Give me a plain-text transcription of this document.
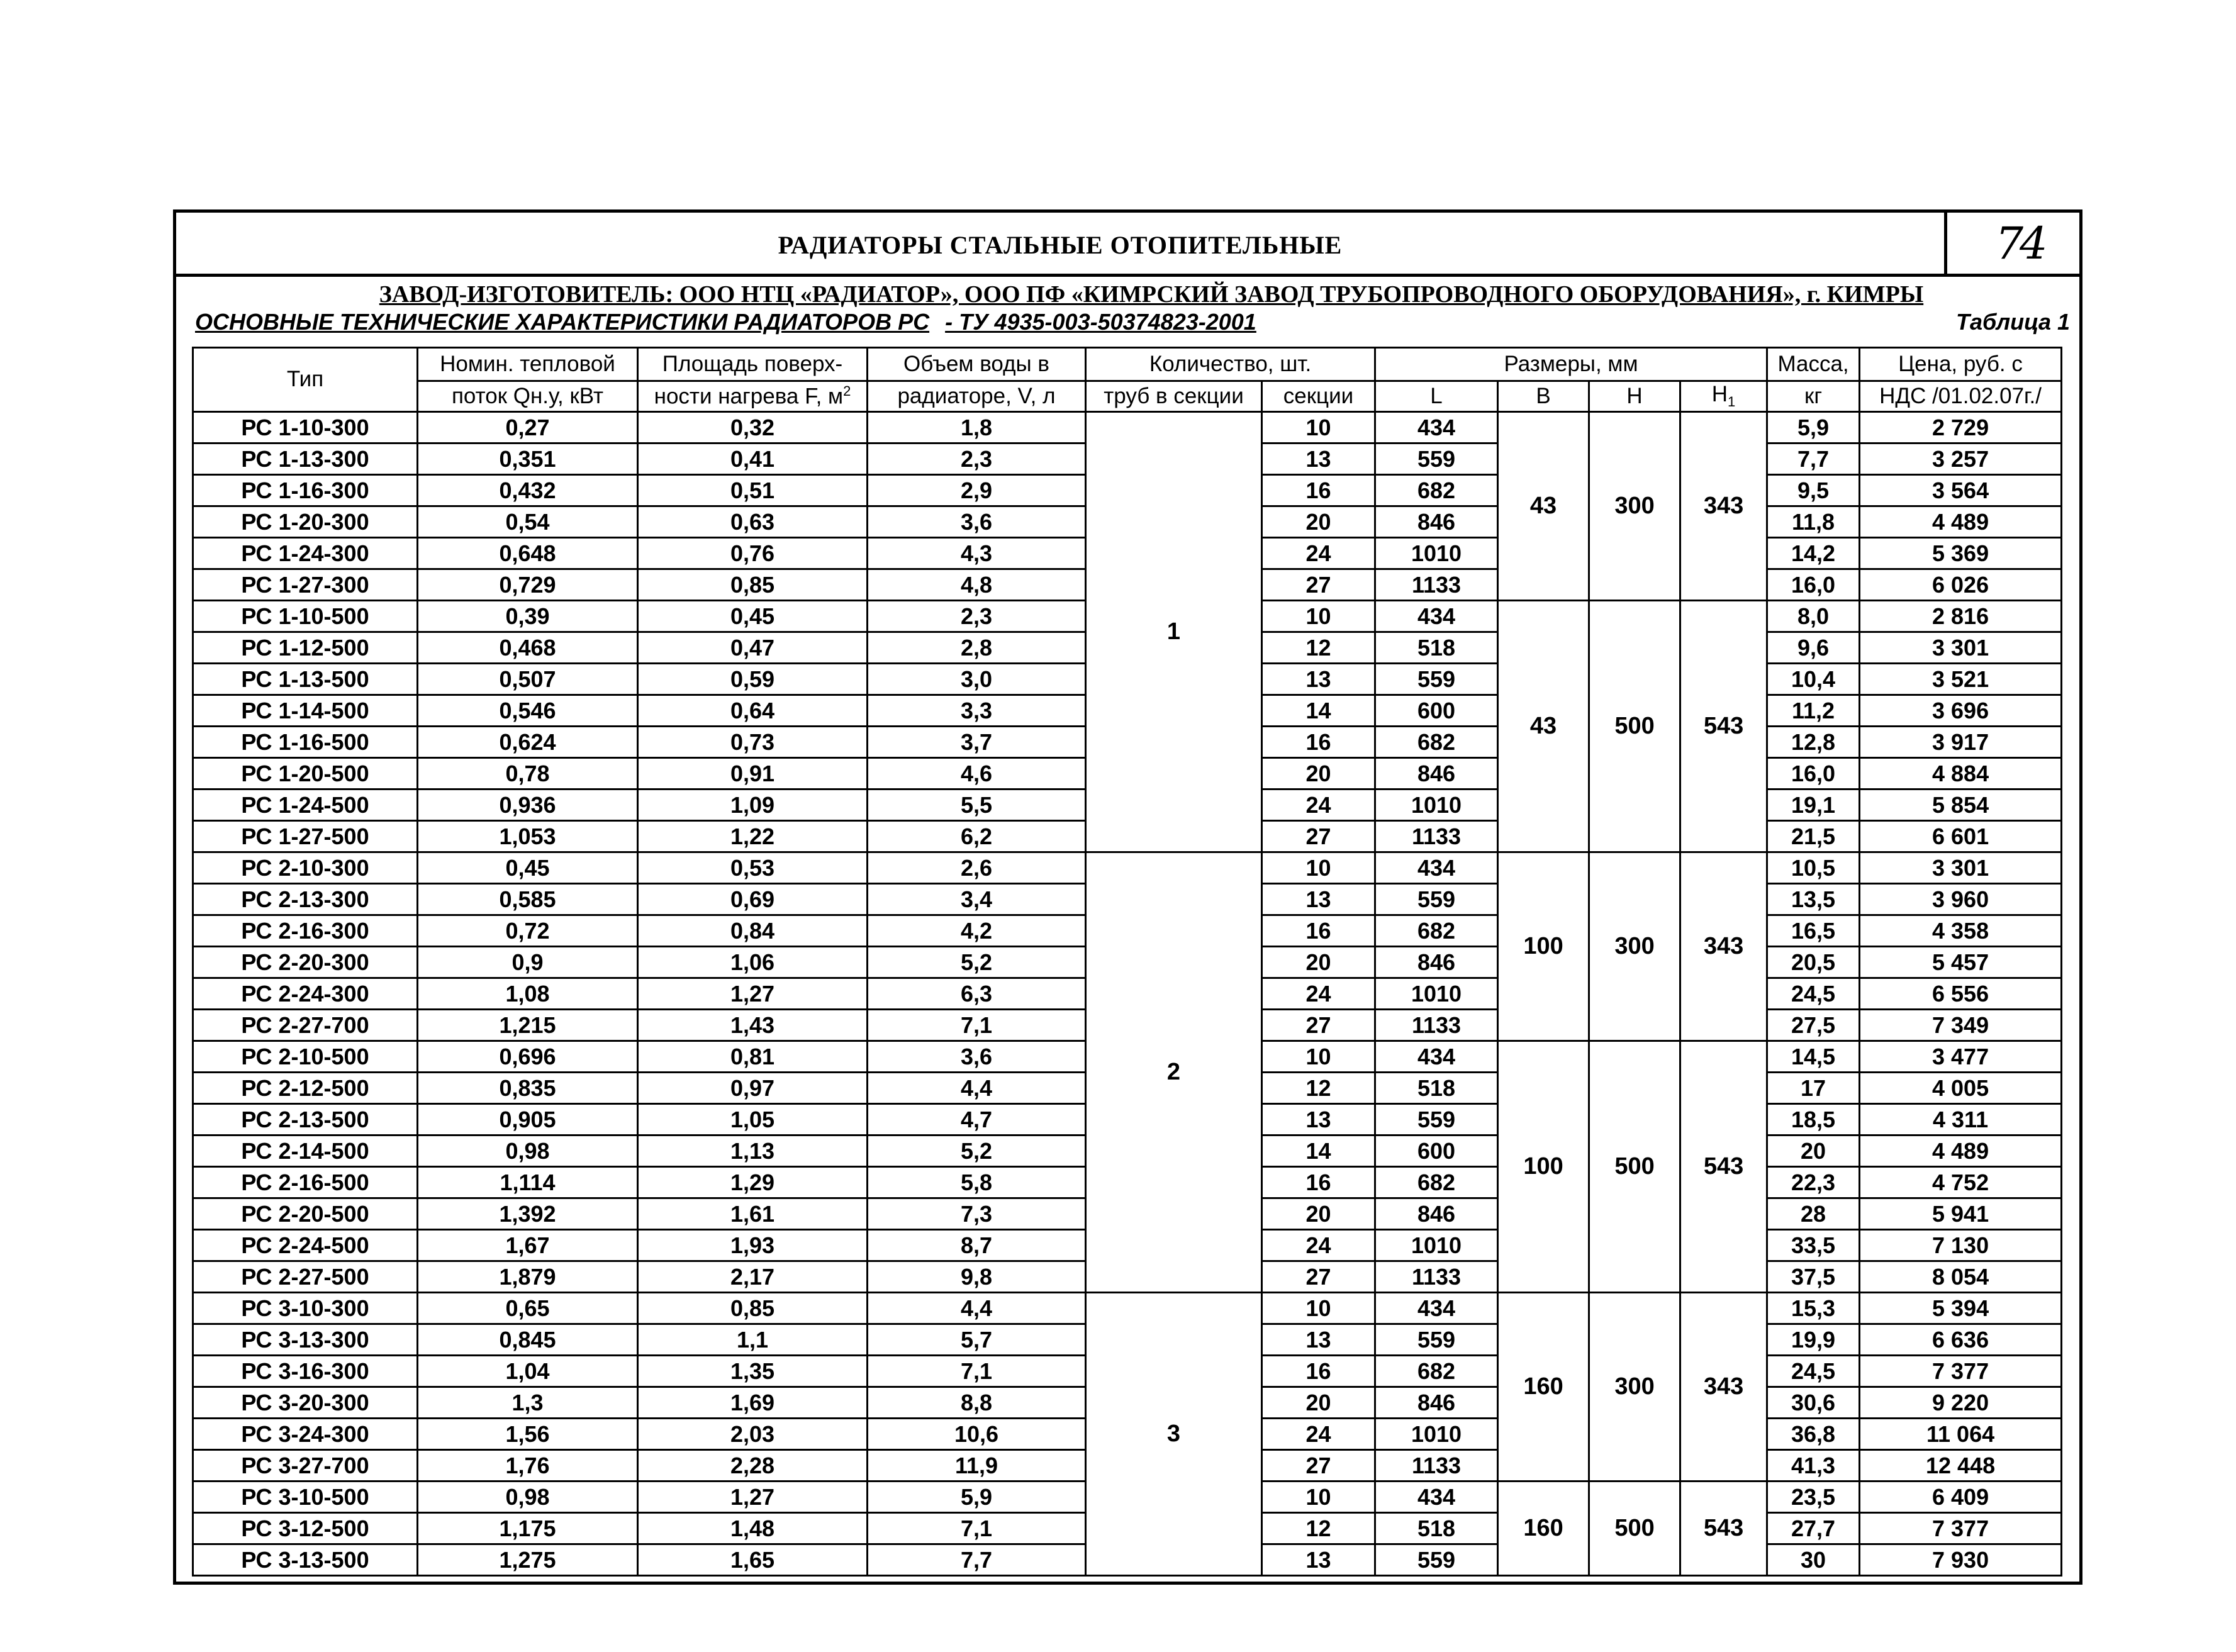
РАДИАТОРЫ СТАЛЬНЫЕ ОТОПИТЕЛЬНЫЕ	74
ЗАВОД-ИЗГОТОВИТЕЛЬ: ООО НТЦ «РАДИАТОР», ООО ПФ «КИМРСКИЙ ЗАВОД ТРУБОПРОВОДНОГО ОБОРУДОВАНИЯ», г. КИМРЫ
ОСНОВНЫЕ ТЕХНИЧЕСКИЕ ХАРАКТЕРИСТИКИ РАДИАТОРОВ РС - ТУ 4935-003-50374823-2001	Таблица 1
Тип	Номин. тепловой	Площадь поверх-	Объем воды в	Количество, шт.		Размеры, мм				Масса,	Цена, руб. с
	поток Qн.у, кВт	ности нагрева F, $м^2$	радиаторе, V, л	труб в секции	секции	L	В	Н	$Н_1$	кг	НДС /01.02.07г./
РС 1-10-300	0,27	0,32	1,8	1	10	434	43	300	343	5,9	2 729
РС 1-13-300	0,351	0,41	2,3		13	559				7,7	3 257
РС 1-16-300	0,432	0,51	2,9		16	682				9,5	3 564
РС 1-20-300	0,54	0,63	3,6		20	846				11,8	4 489
РС 1-24-300	0,648	0,76	4,3		24	1010				14,2	5 369
РС 1-27-300	0,729	0,85	4,8		27	1133				16,0	6 026
РС 1-10-500	0,39	0,45	2,3		10	434	43	500	543	8,0	2 816
РС 1-12-500	0,468	0,47	2,8		12	518				9,6	3 301
РС 1-13-500	0,507	0,59	3,0		13	559				10,4	3 521
РС 1-14-500	0,546	0,64	3,3		14	600				11,2	3 696
РС 1-16-500	0,624	0,73	3,7		16	682				12,8	3 917
РС 1-20-500	0,78	0,91	4,6		20	846				16,0	4 884
РС 1-24-500	0,936	1,09	5,5		24	1010				19,1	5 854
РС 1-27-500	1,053	1,22	6,2		27	1133				21,5	6 601
РС 2-10-300	0,45	0,53	2,6	2	10	434	100	300	343	10,5	3 301
РС 2-13-300	0,585	0,69	3,4		13	559				13,5	3 960
РС 2-16-300	0,72	0,84	4,2		16	682				16,5	4 358
РС 2-20-300	0,9	1,06	5,2		20	846				20,5	5 457
РС 2-24-300	1,08	1,27	6,3		24	1010				24,5	6 556
РС 2-27-700	1,215	1,43	7,1		27	1133				27,5	7 349
РС 2-10-500	0,696	0,81	3,6		10	434	100	500	543	14,5	3 477
РС 2-12-500	0,835	0,97	4,4		12	518				17	4 005
РС 2-13-500	0,905	1,05	4,7		13	559				18,5	4 311
РС 2-14-500	0,98	1,13	5,2		14	600				20	4 489
РС 2-16-500	1,114	1,29	5,8		16	682				22,3	4 752
РС 2-20-500	1,392	1,61	7,3		20	846				28	5 941
РС 2-24-500	1,67	1,93	8,7		24	1010				33,5	7 130
РС 2-27-500	1,879	2,17	9,8		27	1133				37,5	8 054
РС 3-10-300	0,65	0,85	4,4	3	10	434	160	300	343	15,3	5 394
РС 3-13-300	0,845	1,1	5,7		13	559				19,9	6 636
РС 3-16-300	1,04	1,35	7,1		16	682				24,5	7 377
РС 3-20-300	1,3	1,69	8,8		20	846				30,6	9 220
РС 3-24-300	1,56	2,03	10,6		24	1010				36,8	11 064
РС 3-27-700	1,76	2,28	11,9		27	1133				41,3	12 448
РС 3-10-500	0,98	1,27	5,9		10	434	160	500	543	23,5	6 409
РС 3-12-500	1,175	1,48	7,1		12	518				27,7	7 377
РС 3-13-500	1,275	1,65	7,7		13	559				30	7 930
